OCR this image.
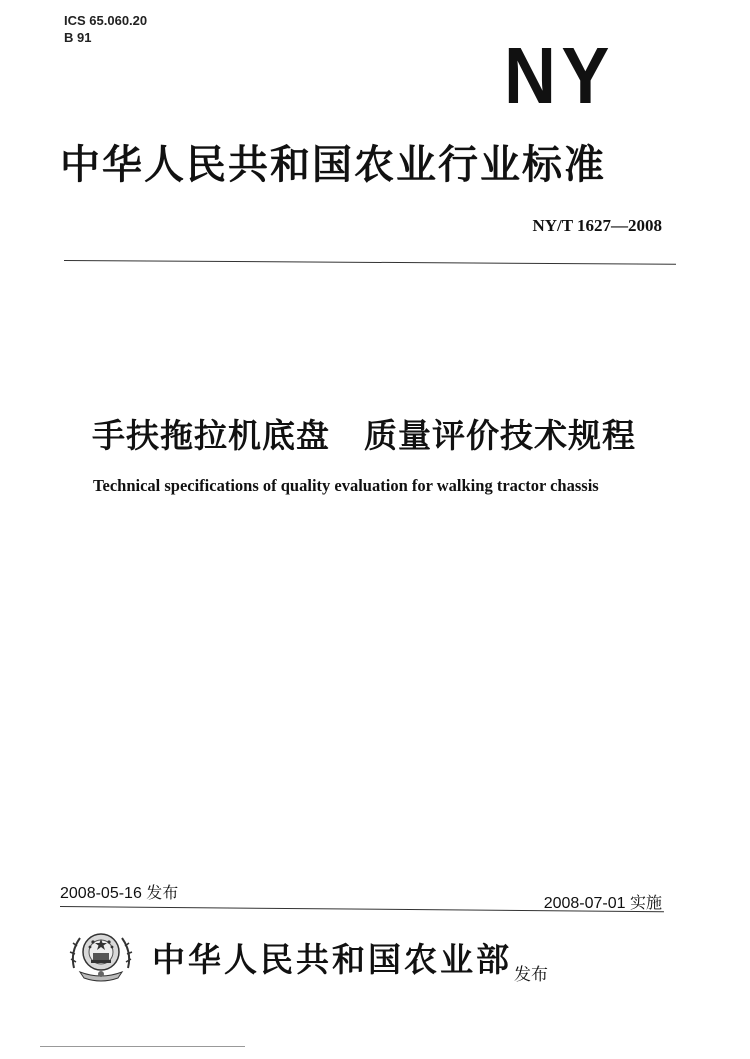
ICS 65.060.20
B 91	NY
中华人民共和国农业行业标准
NY/T 1627—2008
手扶拖拉机底盘　质量评价技术规程
Technical specifications of quality evaluation for walking tractor chassis
2008-05-16 发布
2008-07-01 实施
中华人民共和国农业部 发布
